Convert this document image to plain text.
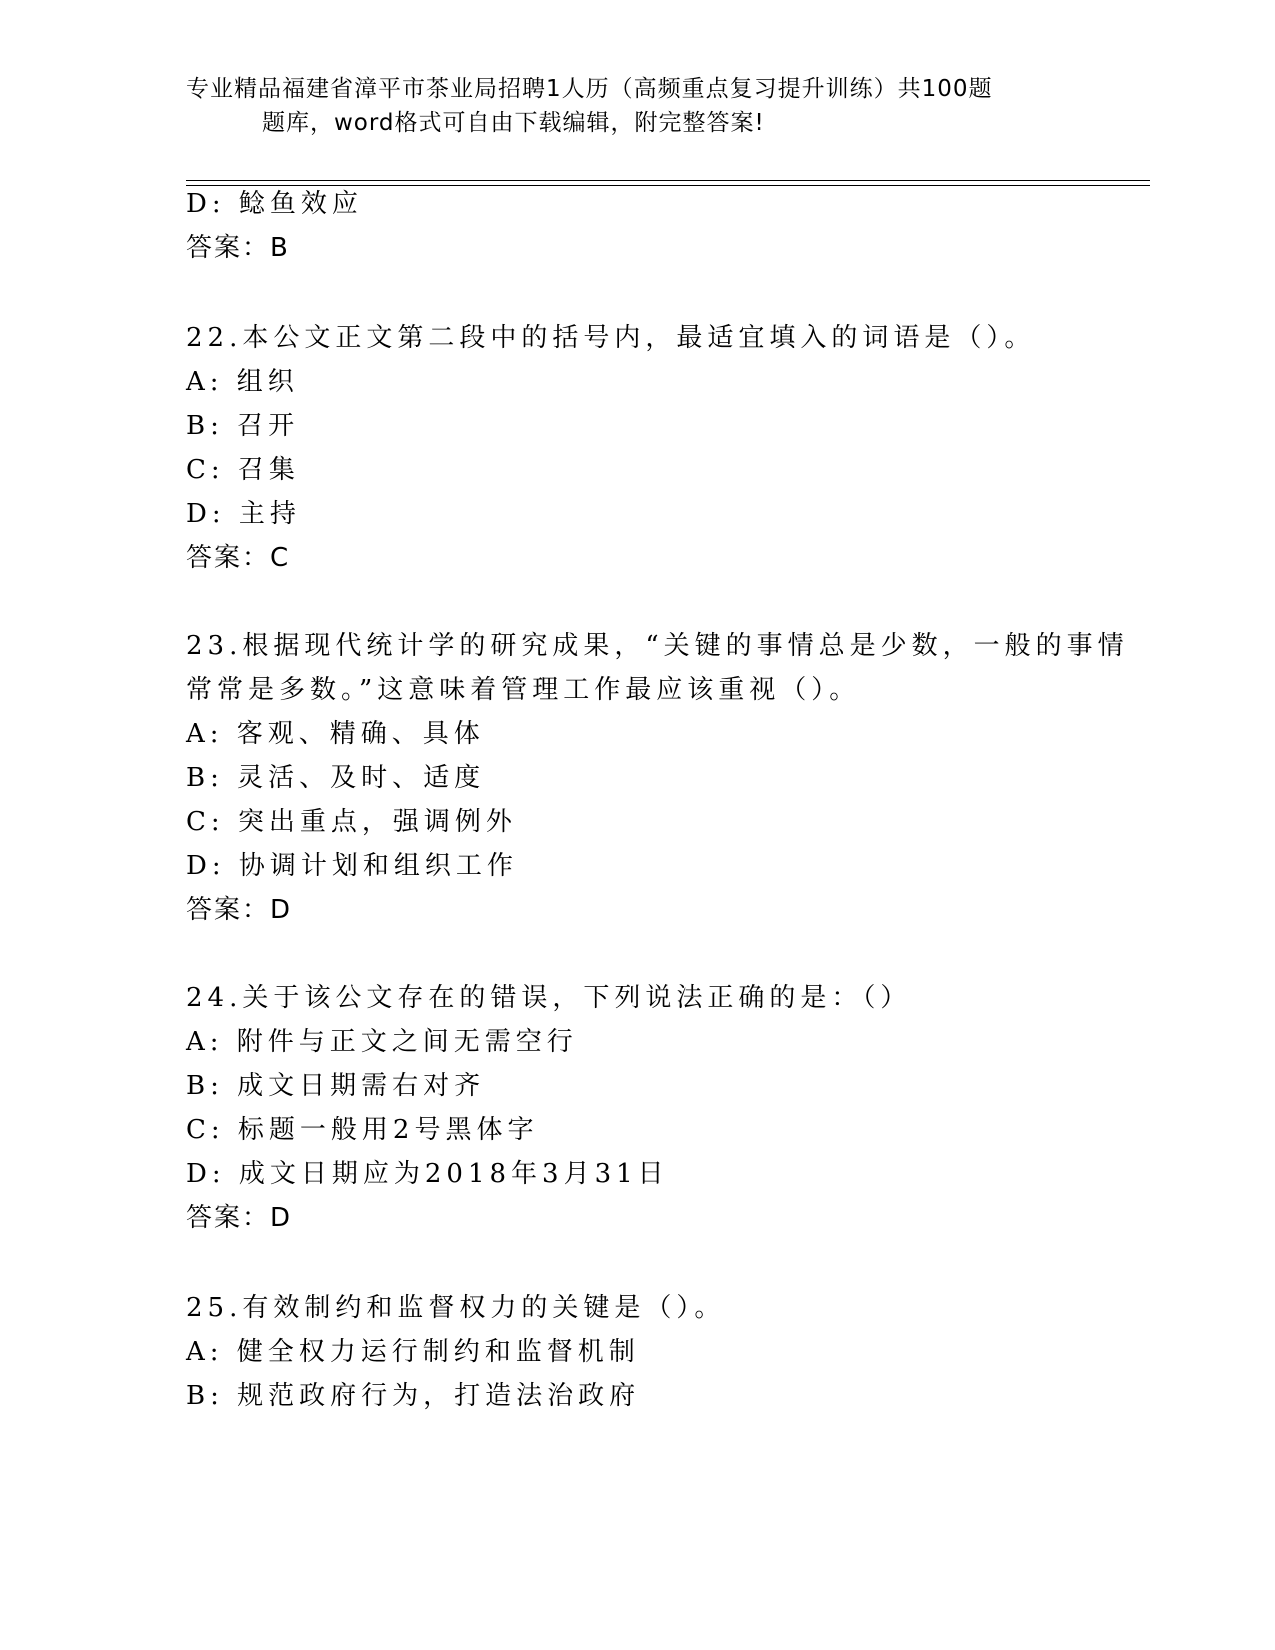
专业精品福建省漳平市茶业局招聘1人历（高频重点复习提升训练）共100题
题库，word格式可自由下载编辑，附完整答案!
D: 鲶鱼效应
答案：B
22.本公文正文第二段中的括号内，最适宜填入的词语是（）。
A: 组织
B: 召开
C: 召集
D: 主持
答案：C
23.根据现代统计学的研究成果，“关键的事情总是少数，一般的事情
常常是多数。”这意味着管理工作最应该重视（）。
A: 客观、精确、具体
B: 灵活、及时、适度
C: 突出重点，强调例外
D: 协调计划和组织工作
答案：D
24.关于该公文存在的错误，下列说法正确的是：（）
A: 附件与正文之间无需空行
B: 成文日期需右对齐
C: 标题一般用2号黑体字
D: 成文日期应为2018年3月31日
答案：D
25.有效制约和监督权力的关键是（）。
A: 健全权力运行制约和监督机制
B: 规范政府行为，打造法治政府
